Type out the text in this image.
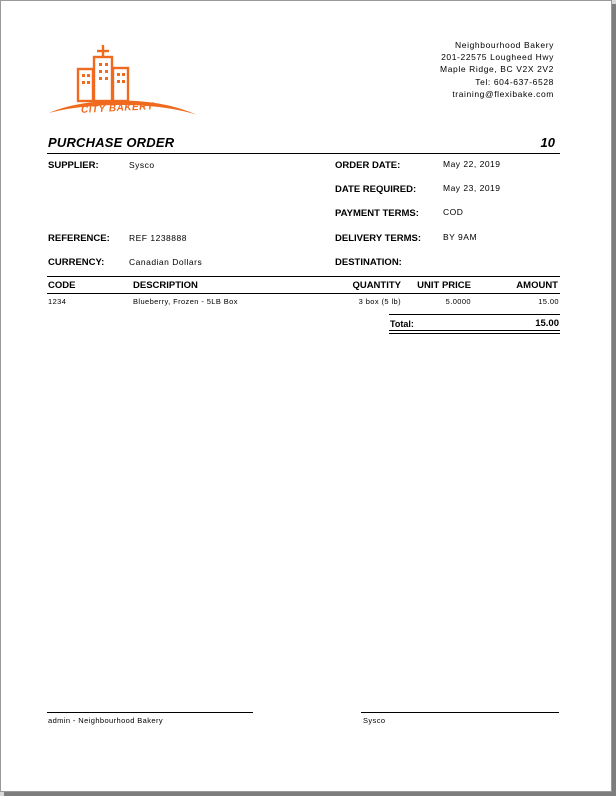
CITY BAKERY
Neighbourhood Bakery
201-22575 Lougheed Hwy
Maple Ridge, BC V2X 2V2
Tel: 604-637-6528
training@flexibake.com
PURCHASE ORDER	10
SUPPLIER:	Sysco
REFERENCE: REF 1238888
CURRENCY:	Canadian Dollars
ORDER DATE:	May 22, 2019
DATE REQUIRED:	May 23, 2019
PAYMENT TERMS:	COD
DELIVERY TERMS:	BY 9AM
DESTINATION:
CODE	DESCRIPTION	QUANTITY	UNIT PRICE	AMOUNT
1234	Blueberry, Frozen - 5LB Box	3 box (5 lb)	5.0000	15.00
Total:	15.00
admin - Neighbourhood Bakery	Sysco
